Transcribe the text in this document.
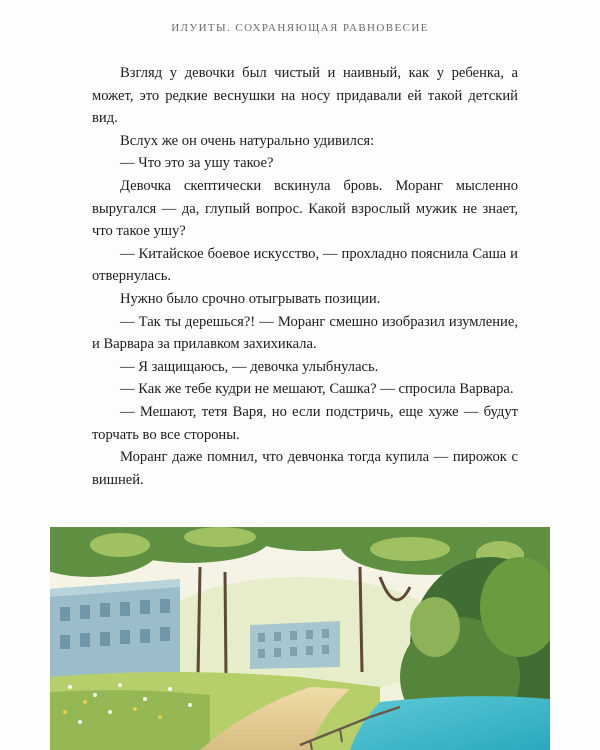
ИЛУИТЫ. СОХРАНЯЮЩАЯ РАВНОВЕСИЕ

Взгляд у девочки был чистый и наивный, как у ребенка, а может, это редкие веснушки на носу придавали ей такой детский вид.

Вслух же он очень натурально удивился:

— Что это за ушу такое?

Девочка скептически вскинула бровь. Моранг мысленно выругался — да, глупый вопрос. Какой взрослый мужик не знает, что такое ушу?

— Китайское боевое искусство, — прохладно пояснила Саша и отвернулась.

Нужно было срочно отыгрывать позиции.

— Так ты дерешься?! — Моранг смешно изобразил изумление, и Варвара за прилавком захихикала.

— Я защищаюсь, — девочка улыбнулась.

— Как же тебе кудри не мешают, Сашка? — спросила Варвара.

— Мешают, тетя Варя, но если подстричь, еще хуже — будут торчать во все стороны.

Моранг даже помнил, что девчонка тогда купила — пирожок с вишней.
